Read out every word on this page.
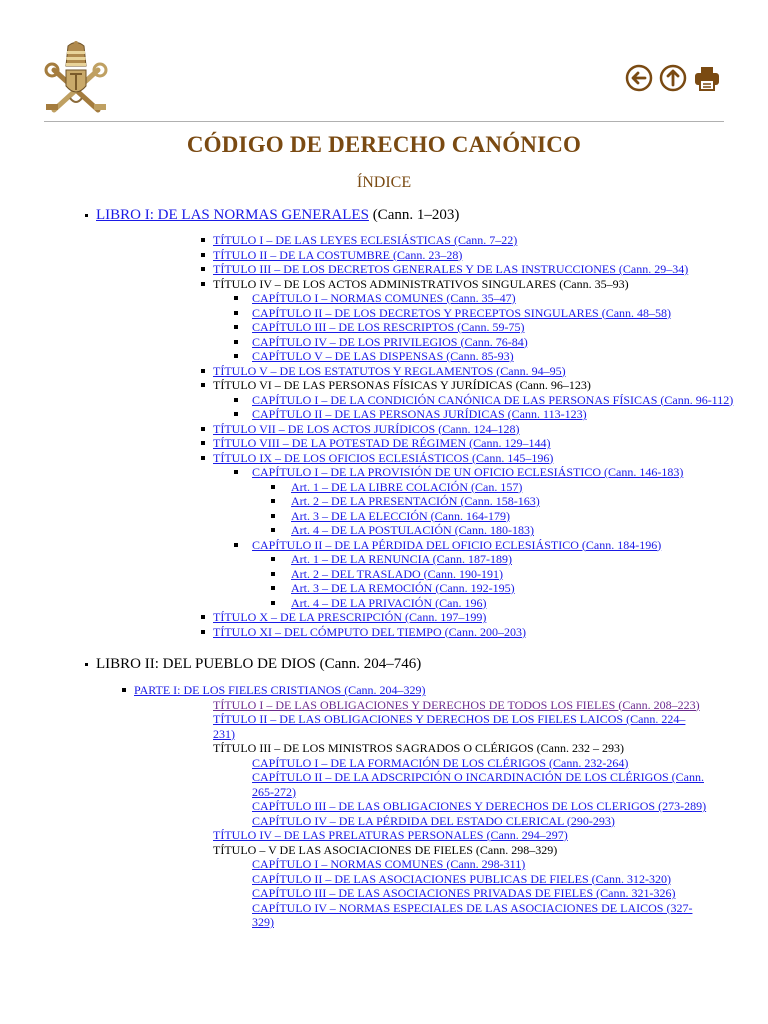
CÓDIGO DE DERECHO CANÓNICO
ÍNDICE
LIBRO I: DE LAS NORMAS GENERALES (Cann. 1–203)
TÍTULO I – DE LAS LEYES ECLESIÁSTICAS (Cann. 7–22)
TÍTULO II – DE LA COSTUMBRE (Cann. 23–28)
TÍTULO III – DE LOS DECRETOS GENERALES Y DE LAS INSTRUCCIONES (Cann. 29–34)
TÍTULO IV – DE LOS ACTOS ADMINISTRATIVOS SINGULARES (Cann. 35–93)
CAPÍTULO I – NORMAS COMUNES (Cann. 35–47)
CAPÍTULO II – DE LOS DECRETOS Y PRECEPTOS SINGULARES (Cann. 48–58)
CAPÍTULO III – DE LOS RESCRIPTOS (Cann. 59-75)
CAPÍTULO IV – DE LOS PRIVILEGIOS (Cann. 76-84)
CAPÍTULO V – DE LAS DISPENSAS (Cann. 85-93)
TÍTULO V – DE LOS ESTATUTOS Y REGLAMENTOS (Cann. 94–95)
TÍTULO VI – DE LAS PERSONAS FÍSICAS Y JURÍDICAS (Cann. 96–123)
CAPÍTULO I – DE LA CONDICIÓN CANÓNICA DE LAS PERSONAS FÍSICAS (Cann. 96-112)
CAPÍTULO II – DE LAS PERSONAS JURÍDICAS (Cann. 113-123)
TÍTULO VII – DE LOS ACTOS JURÍDICOS (Cann. 124–128)
TÍTULO VIII – DE LA POTESTAD DE RÉGIMEN (Cann. 129–144)
TÍTULO IX – DE LOS OFICIOS ECLESIÁSTICOS (Cann. 145–196)
CAPÍTULO I – DE LA PROVISIÓN DE UN OFICIO ECLESIÁSTICO (Cann. 146-183)
Art. 1 – DE LA LIBRE COLACIÓN (Can. 157)
Art. 2 – DE LA PRESENTACIÓN (Cann. 158-163)
Art. 3 – DE LA ELECCIÓN (Cann. 164-179)
Art. 4 – DE LA POSTULACIÓN (Cann. 180-183)
CAPÍTULO II – DE LA PÉRDIDA DEL OFICIO ECLESIÁSTICO (Cann. 184-196)
Art. 1 – DE LA RENUNCIA (Cann. 187-189)
Art. 2 – DEL TRASLADO (Cann. 190-191)
Art. 3 – DE LA REMOCIÓN (Cann. 192-195)
Art. 4 – DE LA PRIVACIÓN (Can. 196)
TÍTULO X – DE LA PRESCRIPCIÓN (Cann. 197–199)
TÍTULO XI – DEL CÓMPUTO DEL TIEMPO (Cann. 200–203)
LIBRO II: DEL PUEBLO DE DIOS (Cann. 204–746)
PARTE I: DE LOS FIELES CRISTIANOS (Cann. 204–329)
TÍTULO I – DE LAS OBLIGACIONES Y DERECHOS DE TODOS LOS FIELES (Cann. 208–223)
TÍTULO II – DE LAS OBLIGACIONES Y DERECHOS DE LOS FIELES LAICOS (Cann. 224–231)
TÍTULO III – DE LOS MINISTROS SAGRADOS O CLÉRIGOS (Cann. 232 – 293)
CAPÍTULO I – DE LA FORMACIÓN DE LOS CLÉRIGOS (Cann. 232-264)
CAPÍTULO II – DE LA ADSCRIPCIÓN O INCARDINACIÓN DE LOS CLÉRIGOS (Cann. 265-272)
CAPÍTULO III – DE LAS OBLIGACIONES Y DERECHOS DE LOS CLERIGOS (273-289)
CAPÍTULO IV – DE LA PÉRDIDA DEL ESTADO CLERICAL (290-293)
TÍTULO IV – DE LAS PRELATURAS PERSONALES (Cann. 294–297)
TÍTULO – V DE LAS ASOCIACIONES DE FIELES (Cann. 298–329)
CAPÍTULO I – NORMAS COMUNES (Cann. 298-311)
CAPÍTULO II – DE LAS ASOCIACIONES PUBLICAS DE FIELES (Cann. 312-320)
CAPÍTULO III – DE LAS ASOCIACIONES PRIVADAS DE FIELES (Cann. 321-326)
CAPÍTULO IV – NORMAS ESPECIALES DE LAS ASOCIACIONES DE LAICOS (327-329)
